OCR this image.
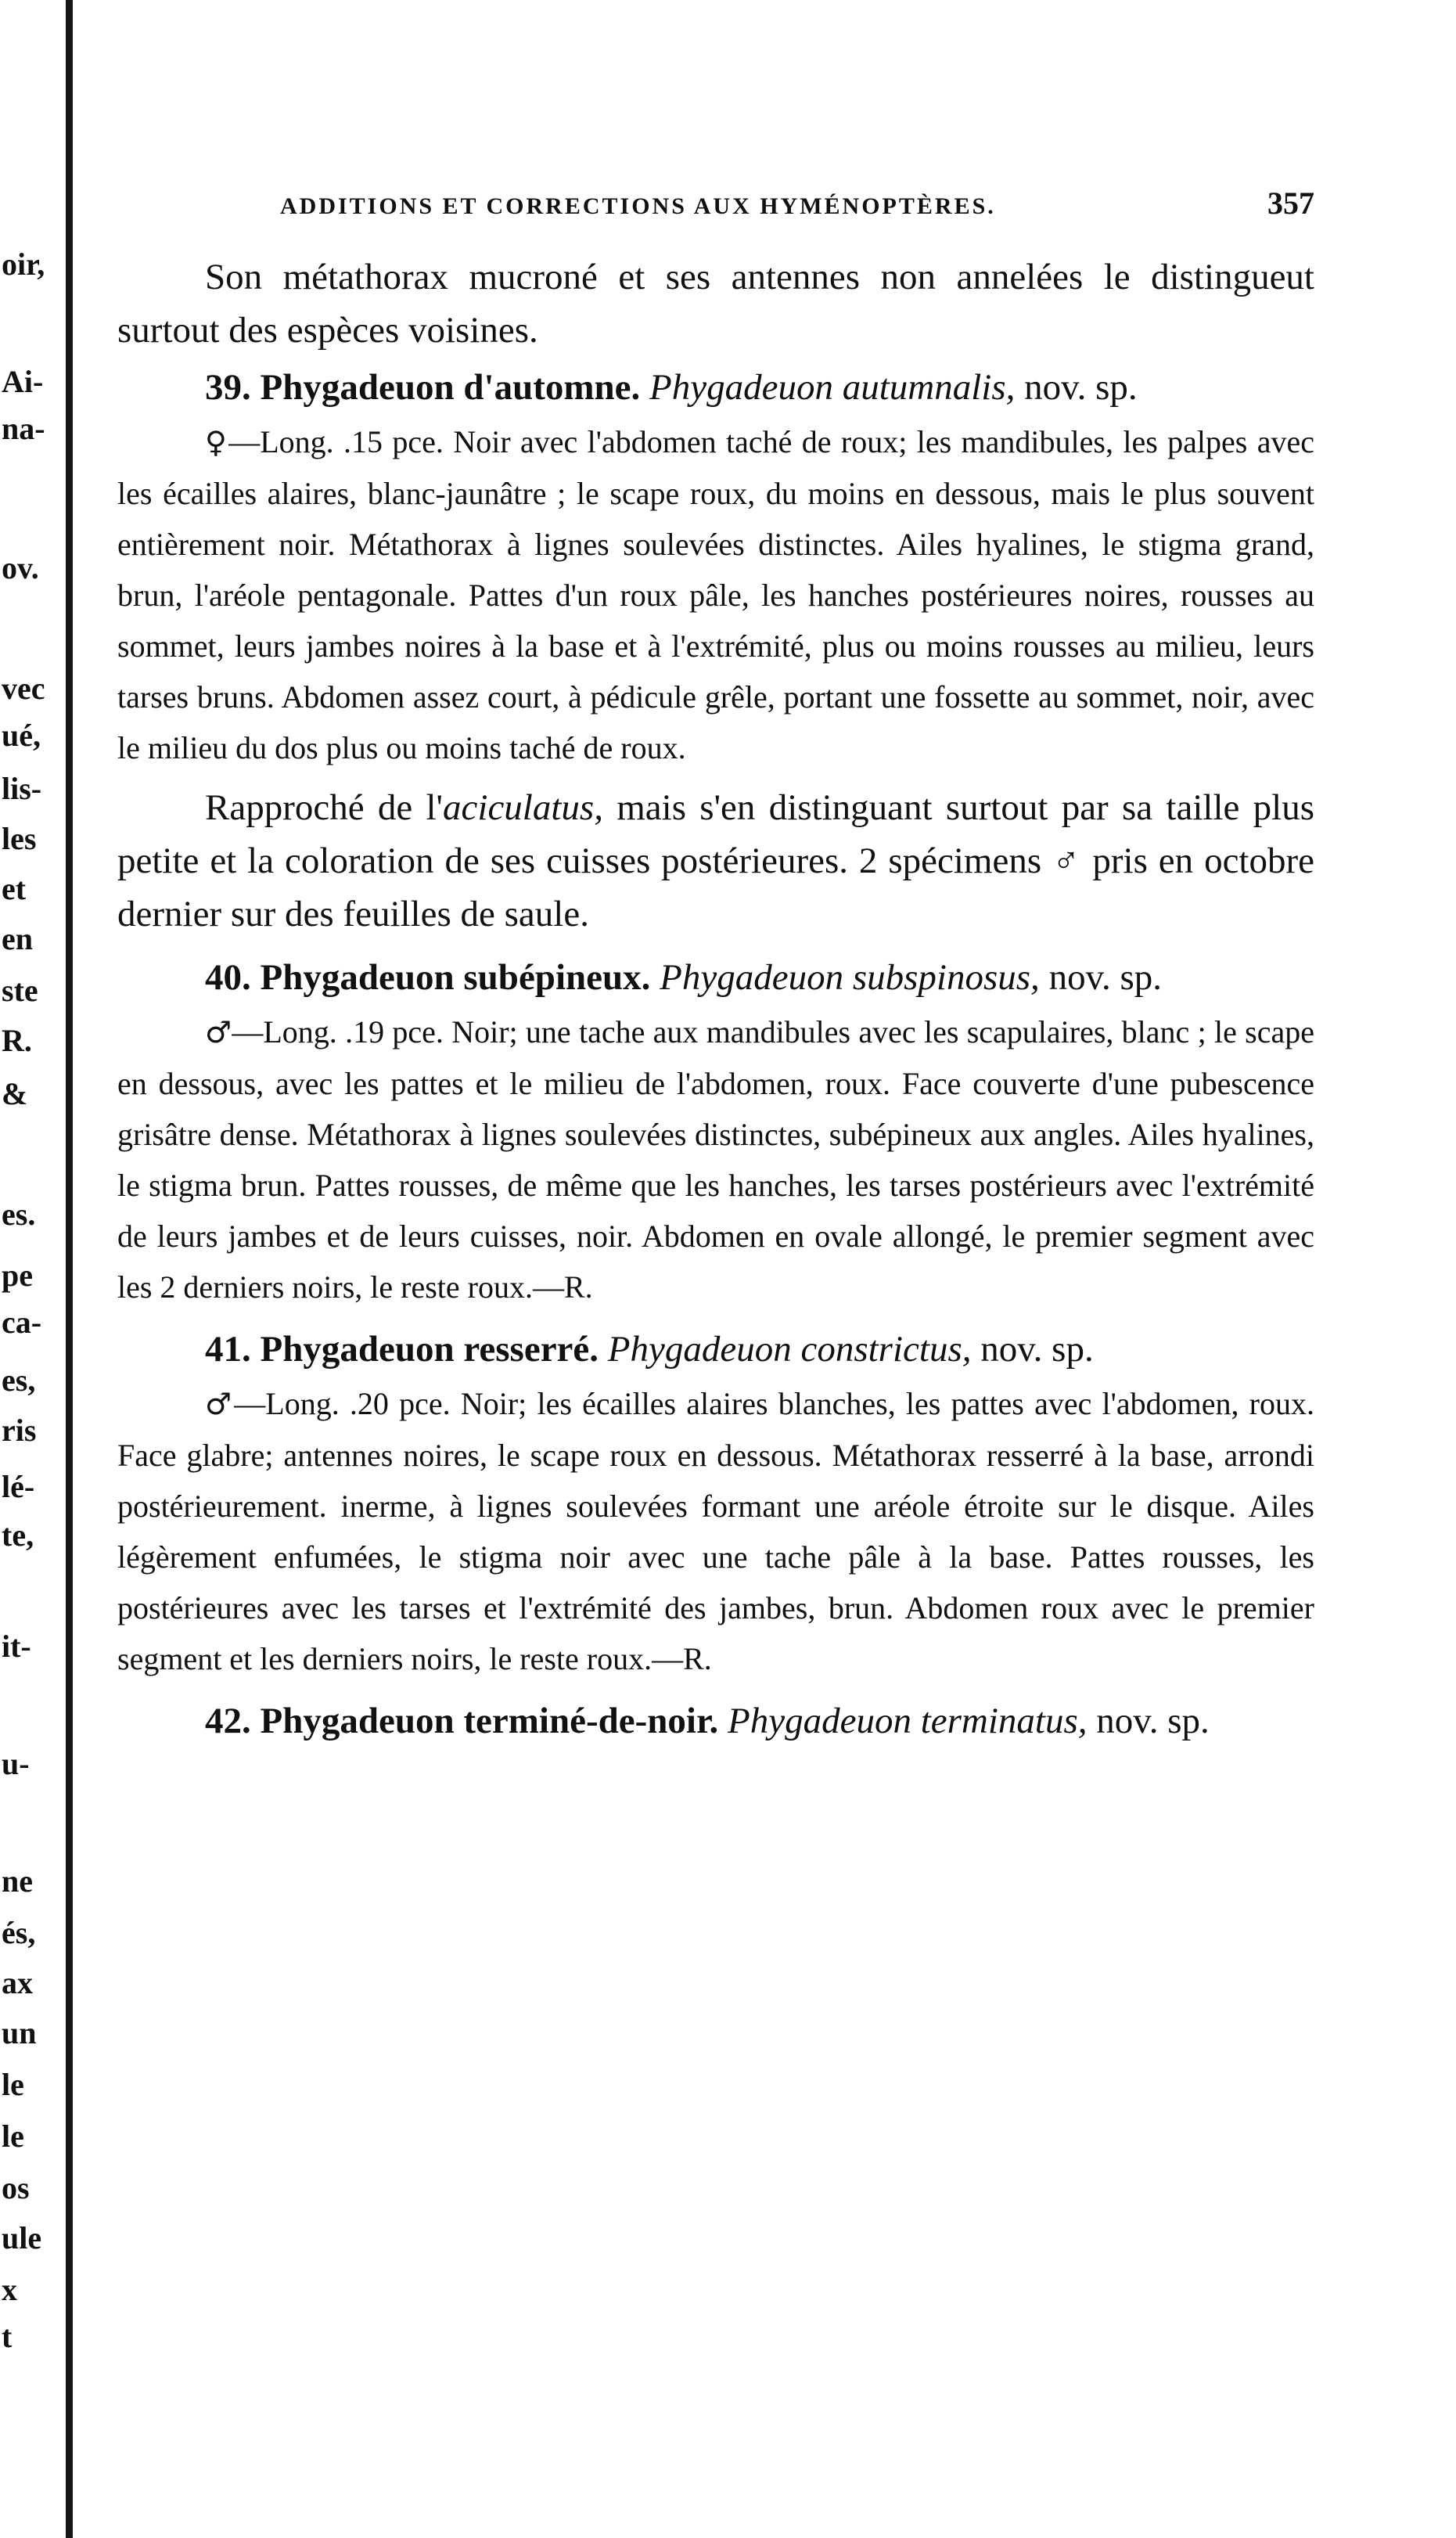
oir,
Ai-
na-
ov.
vec
ué,
lis-
les
et
en
ste
R.
&
es.
pe
ca-
es,
ris
lé-
te,
it-
u-
ne
és,
ax
un
le
le
os
ule
x
t
ADDITIONS ET CORRECTIONS AUX HYMÉNOPTÈRES.	357

Son métathorax mucroné et ses antennes non annelées le distingueut surtout des espèces voisines.

39. Phygadeuon d'automne. Phygadeuon autumnalis, nov. sp.

♀—Long. .15 pce. Noir avec l'abdomen taché de roux; les mandibules, les palpes avec les écailles alaires, blanc-jaunâtre ; le scape roux, du moins en dessous, mais le plus souvent entièrement noir. Métathorax à lignes soulevées distinctes. Ailes hyalines, le stigma grand, brun, l'aréole pentagonale. Pattes d'un roux pâle, les hanches postérieures noires, rousses au sommet, leurs jambes noires à la base et à l'extrémité, plus ou moins rousses au milieu, leurs tarses bruns. Abdomen assez court, à pédicule grêle, portant une fossette au sommet, noir, avec le milieu du dos plus ou moins taché de roux.

Rapproché de l'aciculatus, mais s'en distinguant surtout par sa taille plus petite et la coloration de ses cuisses postérieures. 2 spécimens ♂ pris en octobre dernier sur des feuilles de saule.

40. Phygadeuon subépineux. Phygadeuon subspinosus, nov. sp.

♂—Long. .19 pce. Noir; une tache aux mandibules avec les scapulaires, blanc ; le scape en dessous, avec les pattes et le milieu de l'abdomen, roux. Face couverte d'une pubescence grisâtre dense. Métathorax à lignes soulevées distinctes, subépineux aux angles. Ailes hyalines, le stigma brun. Pattes rousses, de même que les hanches, les tarses postérieurs avec l'extrémité de leurs jambes et de leurs cuisses, noir. Abdomen en ovale allongé, le premier segment avec les 2 derniers noirs, le reste roux.—R.

41. Phygadeuon resserré. Phygadeuon constrictus, nov. sp.

♂—Long. .20 pce. Noir; les écailles alaires blanches, les pattes avec l'abdomen, roux. Face glabre; antennes noires, le scape roux en dessous. Métathorax resserré à la base, arrondi postérieurement. inerme, à lignes soulevées formant une aréole étroite sur le disque. Ailes légèrement enfumées, le stigma noir avec une tache pâle à la base. Pattes rousses, les postérieures avec les tarses et l'extrémité des jambes, brun. Abdomen roux avec le premier segment et les derniers noirs, le reste roux.—R.

42. Phygadeuon terminé-de-noir. Phygadeuon terminatus, nov. sp.
